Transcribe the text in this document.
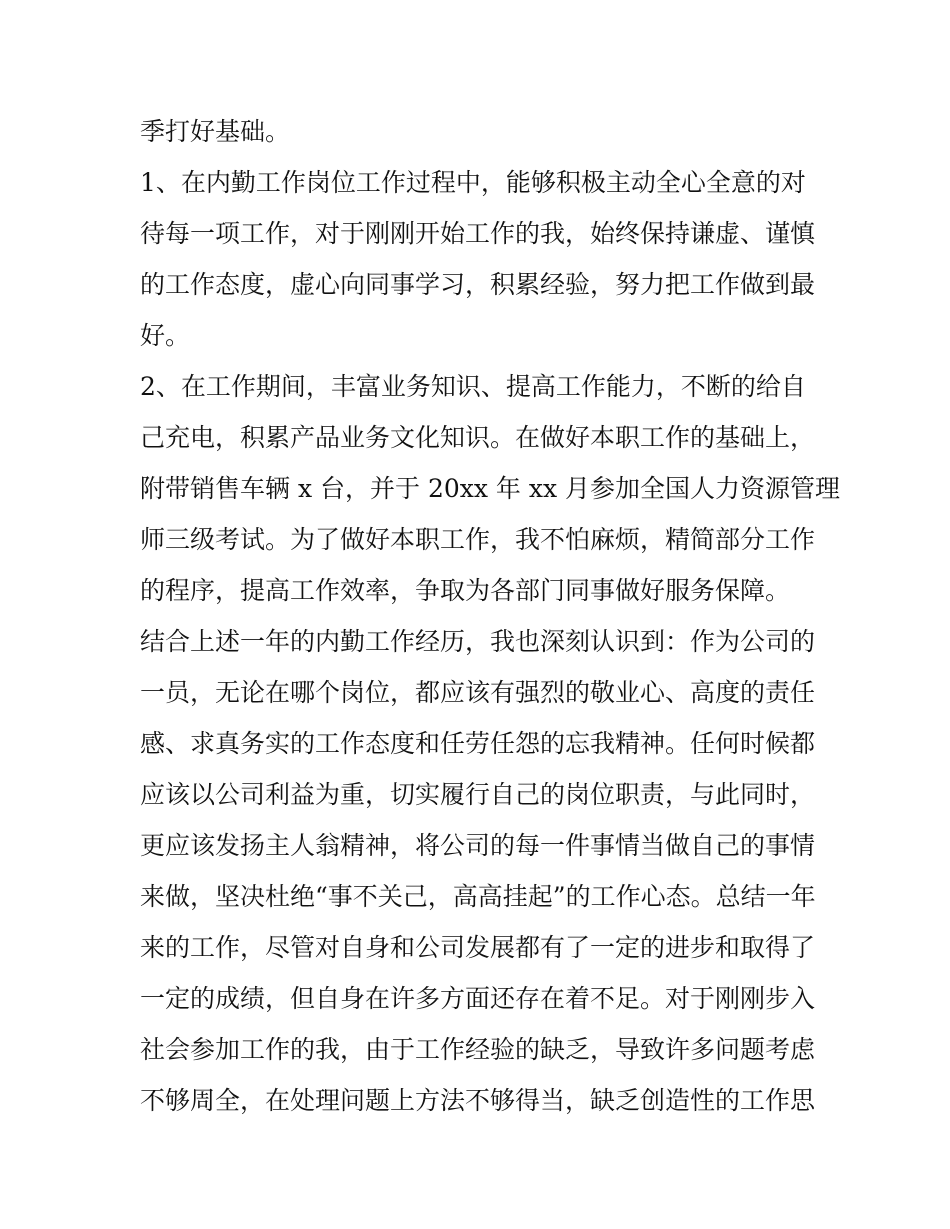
季打好基础。
1、在内勤工作岗位工作过程中，能够积极主动全心全意的对
待每一项工作，对于刚刚开始工作的我，始终保持谦虚、谨慎
的工作态度，虚心向同事学习，积累经验，努力把工作做到最
好。
2、在工作期间，丰富业务知识、提高工作能力，不断的给自
己充电，积累产品业务文化知识。在做好本职工作的基础上，
附带销售车辆 x 台，并于 20xx 年 xx 月参加全国人力资源管理
师三级考试。为了做好本职工作，我不怕麻烦，精简部分工作
的程序，提高工作效率，争取为各部门同事做好服务保障。
结合上述一年的内勤工作经历，我也深刻认识到：作为公司的
一员，无论在哪个岗位，都应该有强烈的敬业心、高度的责任
感、求真务实的工作态度和任劳任怨的忘我精神。任何时候都
应该以公司利益为重，切实履行自己的岗位职责，与此同时，
更应该发扬主人翁精神，将公司的每一件事情当做自己的事情
来做，坚决杜绝“事不关己，高高挂起”的工作心态。总结一年
来的工作，尽管对自身和公司发展都有了一定的进步和取得了
一定的成绩，但自身在许多方面还存在着不足。对于刚刚步入
社会参加工作的我，由于工作经验的缺乏，导致许多问题考虑
不够周全，在处理问题上方法不够得当，缺乏创造性的工作思
